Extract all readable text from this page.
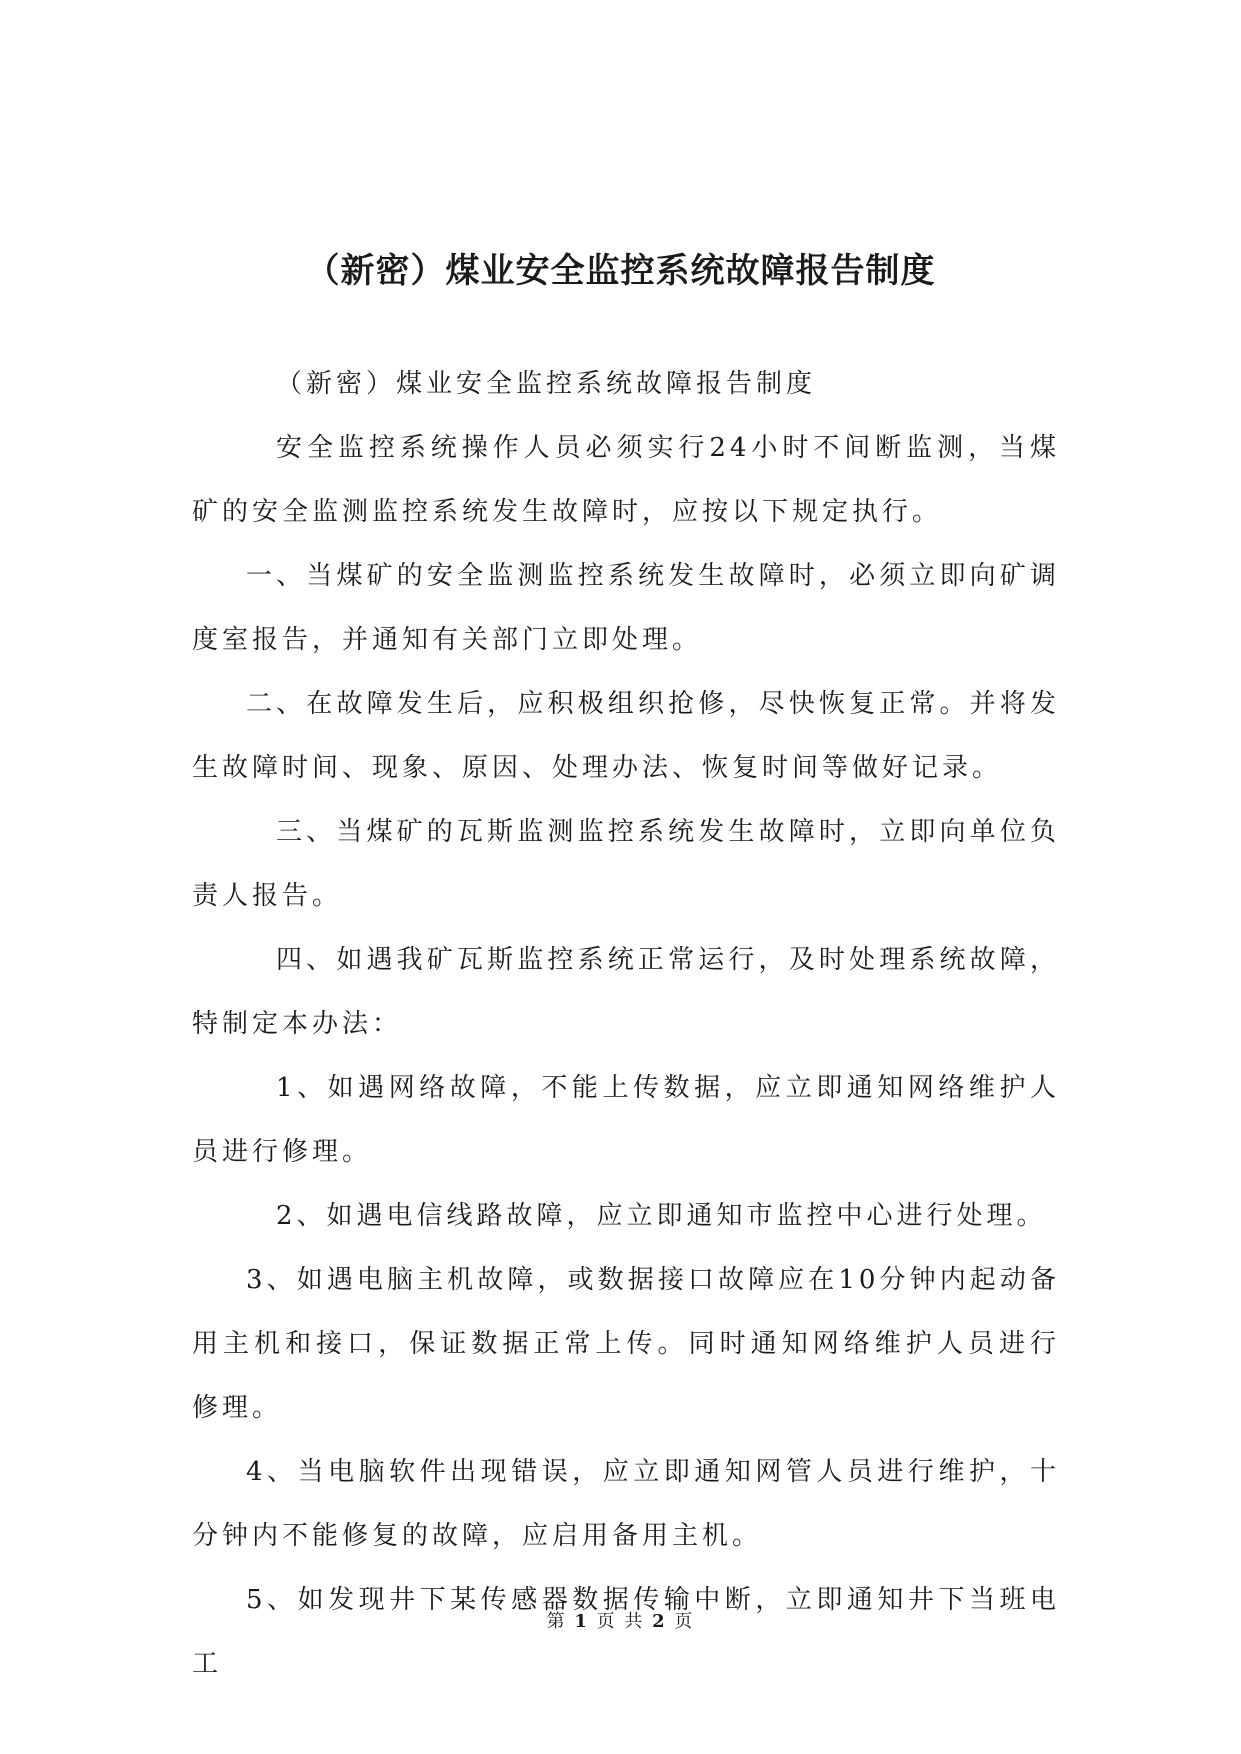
（新密）煤业安全监控系统故障报告制度

（新密）煤业安全监控系统故障报告制度

安全监控系统操作人员必须实行24小时不间断监测，当煤矿的安全监测监控系统发生故障时，应按以下规定执行。

一、当煤矿的安全监测监控系统发生故障时，必须立即向矿调度室报告，并通知有关部门立即处理。

二、在故障发生后，应积极组织抢修，尽快恢复正常。并将发生故障时间、现象、原因、处理办法、恢复时间等做好记录。

三、当煤矿的瓦斯监测监控系统发生故障时，立即向单位负责人报告。

四、如遇我矿瓦斯监控系统正常运行，及时处理系统故障，特制定本办法：

1、如遇网络故障，不能上传数据，应立即通知网络维护人员进行修理。

2、如遇电信线路故障，应立即通知市监控中心进行处理。

3、如遇电脑主机故障，或数据接口故障应在10分钟内起动备用主机和接口，保证数据正常上传。同时通知网络维护人员进行修理。

4、当电脑软件出现错误，应立即通知网管人员进行维护，十分钟内不能修复的故障，应启用备用主机。

5、如发现井下某传感器数据传输中断，立即通知井下当班电工

第 1 页 共 2 页
